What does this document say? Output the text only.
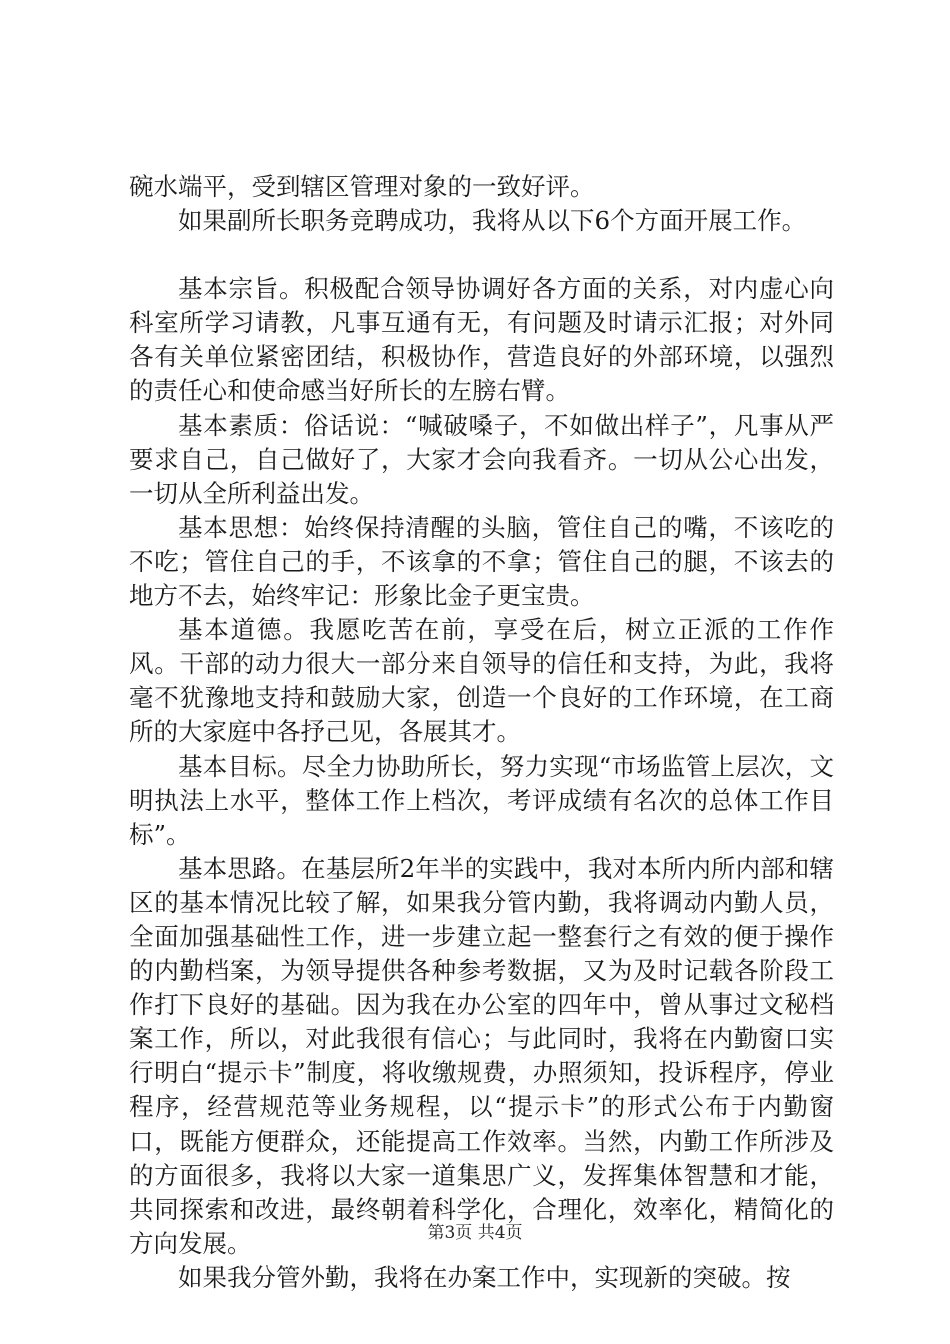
碗水端平，受到辖区管理对象的一致好评。

如果副所长职务竞聘成功，我将从以下6个方面开展工作。

基本宗旨。积极配合领导协调好各方面的关系，对内虚心向科室所学习请教，凡事互通有无，有问题及时请示汇报；对外同各有关单位紧密团结，积极协作，营造良好的外部环境，以强烈的责任心和使命感当好所长的左膀右臂。

基本素质：俗话说：“喊破嗓子，不如做出样子”，凡事从严要求自己，自己做好了，大家才会向我看齐。一切从公心出发，一切从全所利益出发。

基本思想：始终保持清醒的头脑，管住自己的嘴，不该吃的不吃；管住自己的手，不该拿的不拿；管住自己的腿，不该去的地方不去，始终牢记：形象比金子更宝贵。

基本道德。我愿吃苦在前，享受在后，树立正派的工作作风。干部的动力很大一部分来自领导的信任和支持，为此，我将毫不犹豫地支持和鼓励大家，创造一个良好的工作环境，在工商所的大家庭中各抒己见，各展其才。

基本目标。尽全力协助所长，努力实现“市场监管上层次，文明执法上水平，整体工作上档次，考评成绩有名次的总体工作目标”。

基本思路。在基层所2年半的实践中，我对本所内所内部和辖区的基本情况比较了解，如果我分管内勤，我将调动内勤人员，全面加强基础性工作，进一步建立起一整套行之有效的便于操作的内勤档案，为领导提供各种参考数据，又为及时记载各阶段工作打下良好的基础。因为我在办公室的四年中，曾从事过文秘档案工作，所以，对此我很有信心；与此同时，我将在内勤窗口实行明白“提示卡”制度，将收缴规费，办照须知，投诉程序，停业程序，经营规范等业务规程，以“提示卡”的形式公布于内勤窗口，既能方便群众，还能提高工作效率。当然，内勤工作所涉及的方面很多，我将以大家一道集思广义，发挥集体智慧和才能，共同探索和改进，最终朝着科学化，合理化，效率化，精简化的方向发展。

如果我分管外勤，我将在办案工作中，实现新的突破。按

第3页 共4页
